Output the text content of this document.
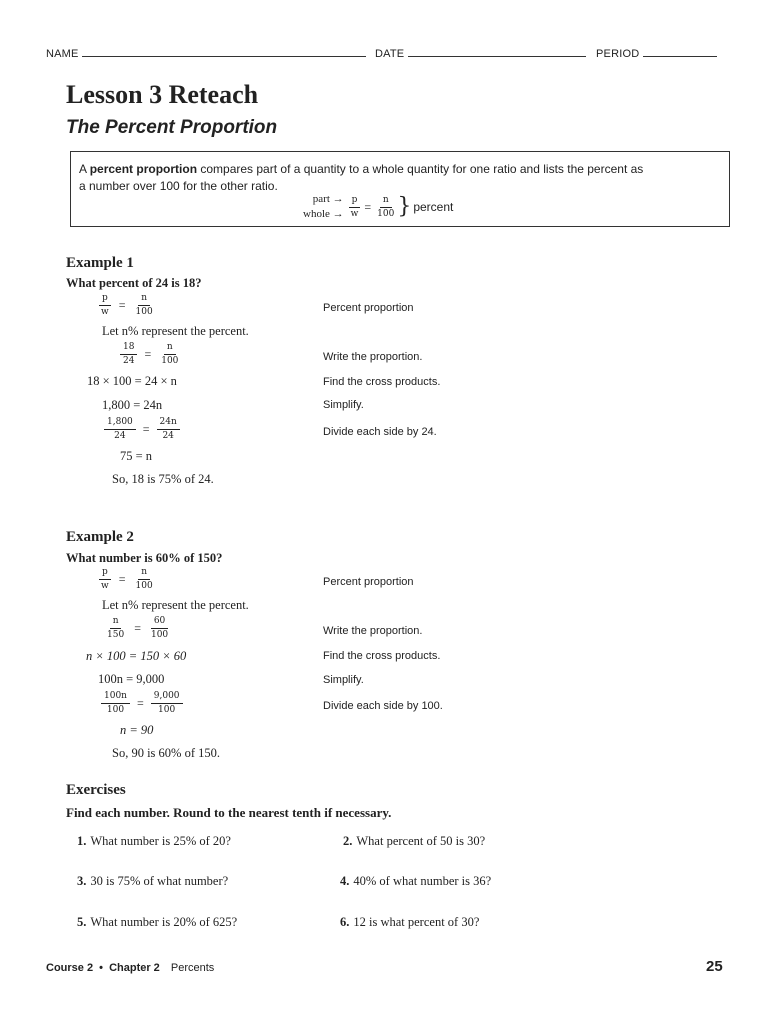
NAME	DATE	PERIOD
Lesson 3 Reteach
The Percent Proportion
A percent proportion compares part of a quantity to a whole quantity for one ratio and lists the percent as
a number over 100 for the other ratio.
part →
whole → $\frac{p}{w} = \frac{n}{100}$ } percent
Example 1
What percent of 24 is 18?
$\frac{p}{w} = \frac{n}{100}$	Percent proportion
Let n% represent the percent.
$\frac{18}{24} = \frac{n}{100}$	Write the proportion.
18 × 100 = 24 × n	Find the cross products.
1,800 = 24n	Simplify.
$\frac{1,800}{24} = \frac{24n}{24}$	Divide each side by 24.
75 = n
So, 18 is 75% of 24.
Example 2
What number is 60% of 150?
$\frac{p}{w} = \frac{n}{100}$	Percent proportion
Let n% represent the percent.
$\frac{n}{150} = \frac{60}{100}$	Write the proportion.
n × 100 = 150 × 60	Find the cross products.
100n = 9,000	Simplify.
$\frac{100n}{100} = \frac{9,000}{100}$	Divide each side by 100.
n = 90
So, 90 is 60% of 150.
Exercises
Find each number. Round to the nearest tenth if necessary.
1. What number is 25% of 20?	2. What percent of 50 is 30?
3. 30 is 75% of what number?	4. 40% of what number is 36?
5. What number is 20% of 625?	6. 12 is what percent of 30?
Course 2 • Chapter 2 Percents	25
